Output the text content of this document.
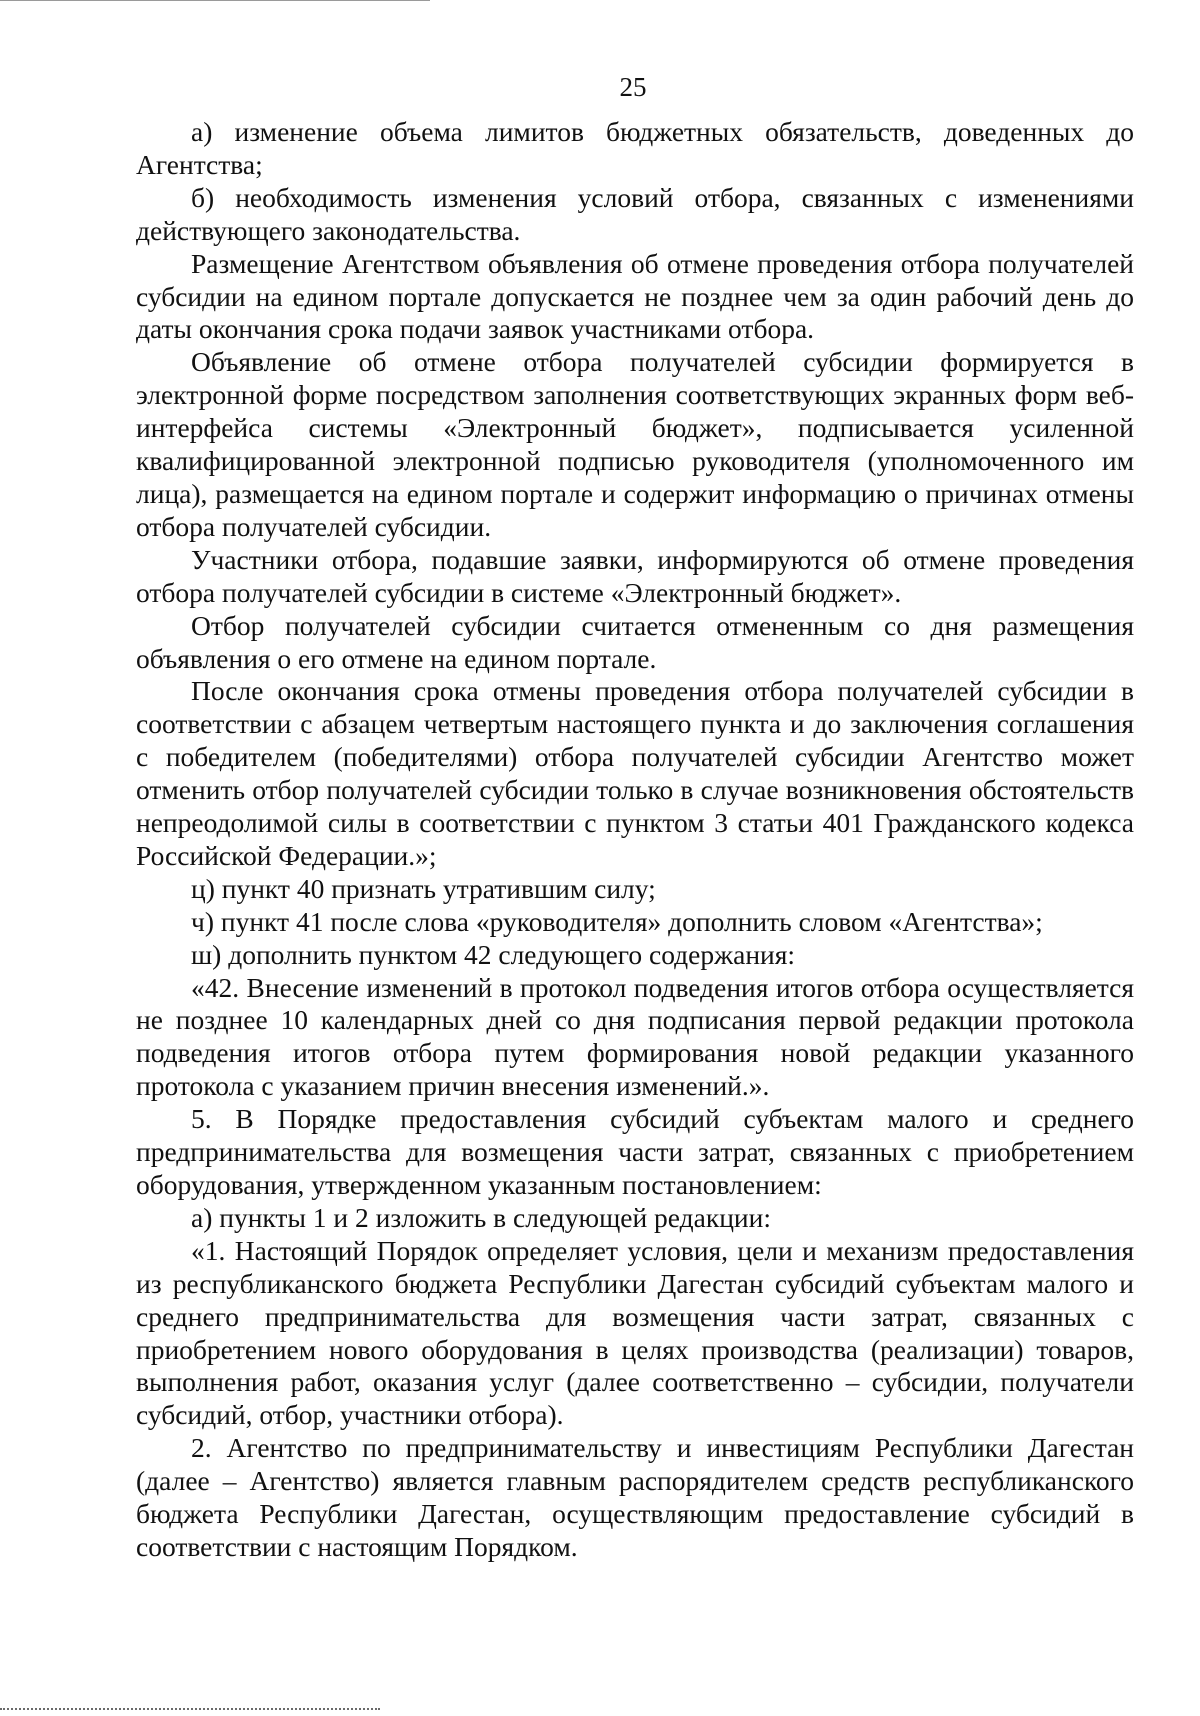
25

а) изменение объема лимитов бюджетных обязательств, доведенных до Агентства;

б) необходимость изменения условий отбора, связанных с изменениями действующего законодательства.

Размещение Агентством объявления об отмене проведения отбора получателей субсидии на едином портале допускается не позднее чем за один рабочий день до даты окончания срока подачи заявок участниками отбора.

Объявление об отмене отбора получателей субсидии формируется в электронной форме посредством заполнения соответствующих экранных форм веб-интерфейса системы «Электронный бюджет», подписывается усиленной квалифицированной электронной подписью руководителя (уполномоченного им лица), размещается на едином портале и содержит информацию о причинах отмены отбора получателей субсидии.

Участники отбора, подавшие заявки, информируются об отмене проведения отбора получателей субсидии в системе «Электронный бюджет».

Отбор получателей субсидии считается отмененным со дня размещения объявления о его отмене на едином портале.

После окончания срока отмены проведения отбора получателей субсидии в соответствии с абзацем четвертым настоящего пункта и до заключения соглашения с победителем (победителями) отбора получателей субсидии Агентство может отменить отбор получателей субсидии только в случае возникновения обстоятельств непреодолимой силы в соответствии с пунктом 3 статьи 401 Гражданского кодекса Российской Федерации.»;

ц) пункт 40 признать утратившим силу;

ч) пункт 41 после слова «руководителя» дополнить словом «Агентства»;

ш) дополнить пунктом 42 следующего содержания:

«42. Внесение изменений в протокол подведения итогов отбора осуществляется не позднее 10 календарных дней со дня подписания первой редакции протокола подведения итогов отбора путем формирования новой редакции указанного протокола с указанием причин внесения изменений.».

5. В Порядке предоставления субсидий субъектам малого и среднего предпринимательства для возмещения части затрат, связанных с приобретением оборудования, утвержденном указанным постановлением:

а) пункты 1 и 2 изложить в следующей редакции:

«1. Настоящий Порядок определяет условия, цели и механизм предоставления из республиканского бюджета Республики Дагестан субсидий субъектам малого и среднего предпринимательства для возмещения части затрат, связанных с приобретением нового оборудования в целях производства (реализации) товаров, выполнения работ, оказания услуг (далее соответственно – субсидии, получатели субсидий, отбор, участники отбора).

2. Агентство по предпринимательству и инвестициям Республики Дагестан (далее – Агентство) является главным распорядителем средств республиканского бюджета Республики Дагестан, осуществляющим предоставление субсидий в соответствии с настоящим Порядком.
